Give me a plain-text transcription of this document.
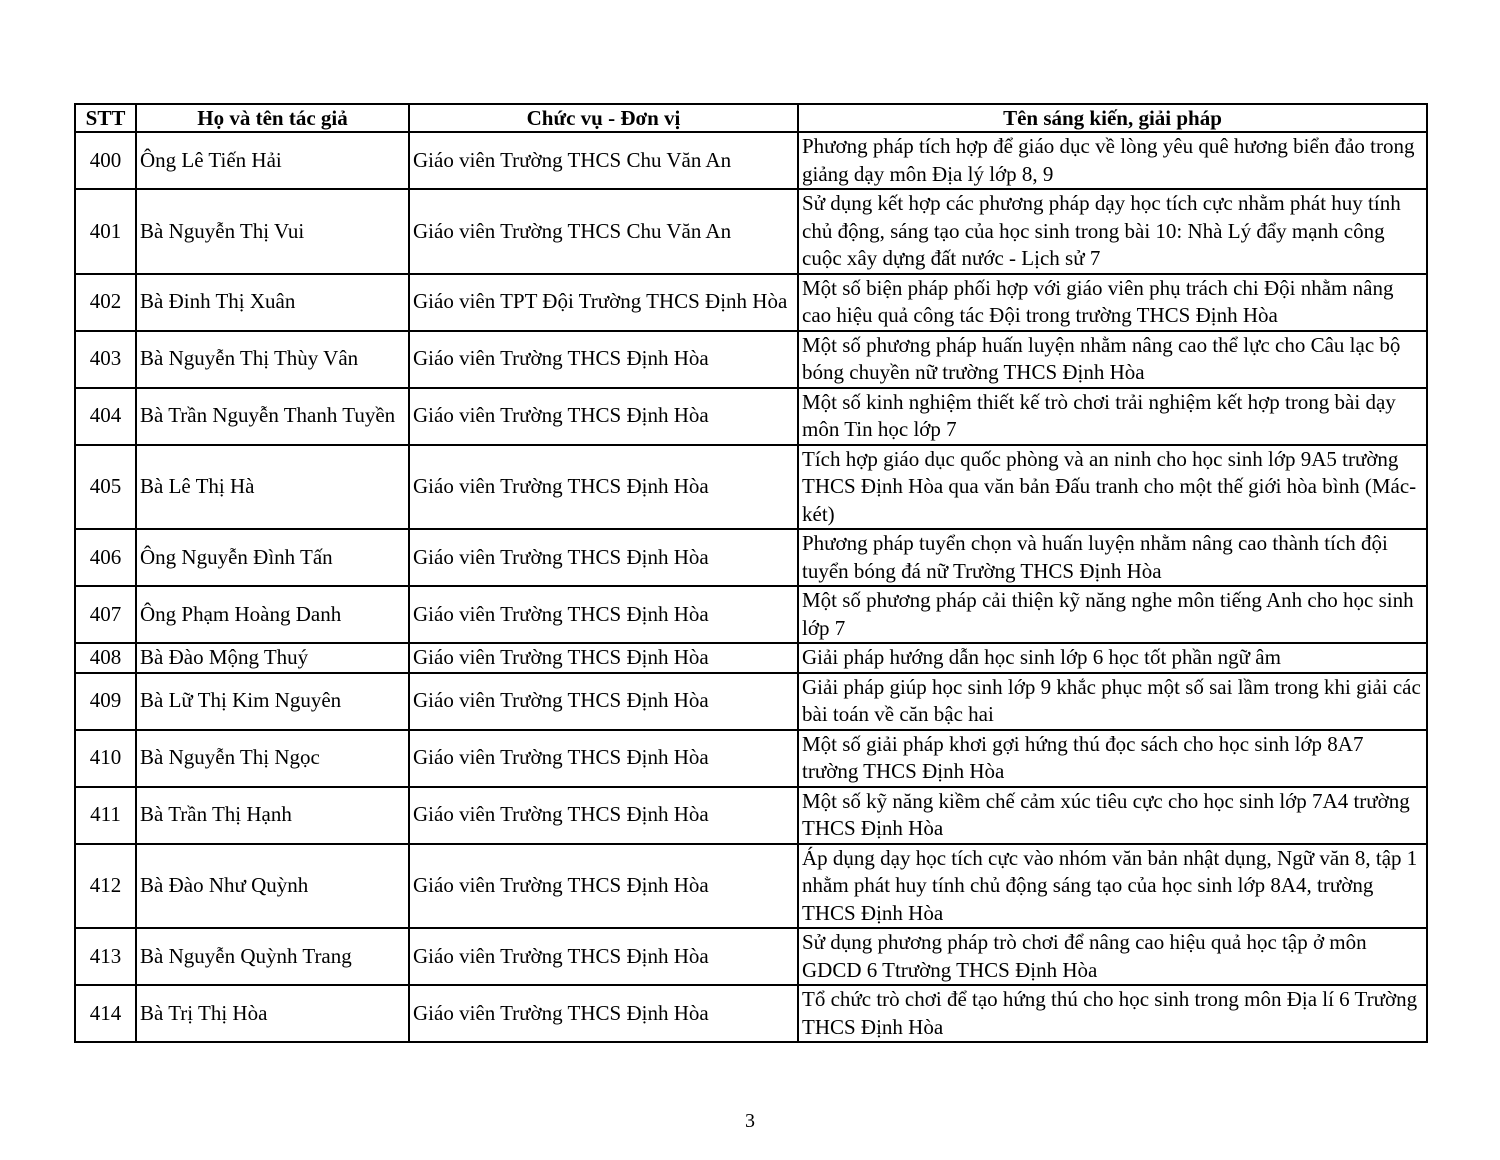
STT	Họ và tên tác giả	Chức vụ - Đơn vị	Tên sáng kiến, giải pháp
400	Ông Lê Tiến Hải	Giáo viên Trường THCS Chu Văn An	Phương pháp tích hợp để giáo dục về lòng yêu quê hương biển đảo trong giảng dạy môn Địa lý lớp 8, 9
401	Bà Nguyễn Thị Vui	Giáo viên Trường THCS Chu Văn An	Sử dụng kết hợp các phương pháp dạy học tích cực nhằm phát huy tính chủ động, sáng tạo của học sinh trong bài 10: Nhà Lý đẩy mạnh công cuộc xây dựng đất nước - Lịch sử 7
402	Bà Đinh Thị Xuân	Giáo viên TPT Đội Trường THCS Định Hòa	Một số biện pháp phối hợp với giáo viên phụ trách chi Đội nhằm nâng cao hiệu quả công tác Đội trong trường THCS Định Hòa
403	Bà Nguyễn Thị Thùy Vân	Giáo viên Trường THCS Định Hòa	Một số phương pháp huấn luyện nhằm nâng cao thể lực cho Câu lạc bộ bóng chuyền nữ trường THCS Định Hòa
404	Bà Trần Nguyễn Thanh Tuyền	Giáo viên Trường THCS Định Hòa	Một số kinh nghiệm thiết kế trò chơi trải nghiệm kết hợp trong bài dạy môn Tin học lớp 7
405	Bà Lê Thị Hà	Giáo viên Trường THCS Định Hòa	Tích hợp giáo dục quốc phòng và an ninh cho học sinh lớp 9A5 trường THCS Định Hòa qua văn bản Đấu tranh cho một thế giới hòa bình (Mác-két)
406	Ông Nguyễn Đình Tấn	Giáo viên Trường THCS Định Hòa	Phương pháp tuyển chọn và huấn luyện nhằm nâng cao thành tích đội tuyển bóng đá nữ Trường THCS Định Hòa
407	Ông Phạm Hoàng Danh	Giáo viên Trường THCS Định Hòa	Một số phương pháp cải thiện kỹ năng nghe môn tiếng Anh cho học sinh lớp 7
408	Bà Đào Mộng Thuý	Giáo viên Trường THCS Định Hòa	Giải pháp hướng dẫn học sinh lớp 6 học tốt phần ngữ âm
409	Bà Lữ Thị Kim Nguyên	Giáo viên Trường THCS Định Hòa	Giải pháp giúp học sinh lớp 9 khắc phục một số sai lầm trong khi giải các bài toán về căn bậc hai
410	Bà Nguyễn Thị Ngọc	Giáo viên Trường THCS Định Hòa	Một số giải pháp khơi gợi hứng thú đọc sách cho học sinh lớp 8A7 trường THCS Định Hòa
411	Bà Trần Thị Hạnh	Giáo viên Trường THCS Định Hòa	Một số kỹ năng kiềm chế cảm xúc tiêu cực cho học sinh lớp 7A4 trường THCS Định Hòa
412	Bà Đào Như Quỳnh	Giáo viên Trường THCS Định Hòa	Áp dụng dạy học tích cực vào nhóm văn bản nhật dụng, Ngữ văn 8, tập 1 nhằm phát huy tính chủ động sáng tạo của học sinh lớp 8A4, trường THCS Định Hòa
413	Bà Nguyễn Quỳnh Trang	Giáo viên Trường THCS Định Hòa	Sử dụng phương pháp trò chơi để nâng cao hiệu quả học tập ở môn GDCD 6 Ttrường THCS Định Hòa
414	Bà Trị Thị Hòa	Giáo viên Trường THCS Định Hòa	Tổ chức trò chơi để tạo hứng thú cho học sinh trong môn Địa lí 6 Trường THCS Định Hòa
3
